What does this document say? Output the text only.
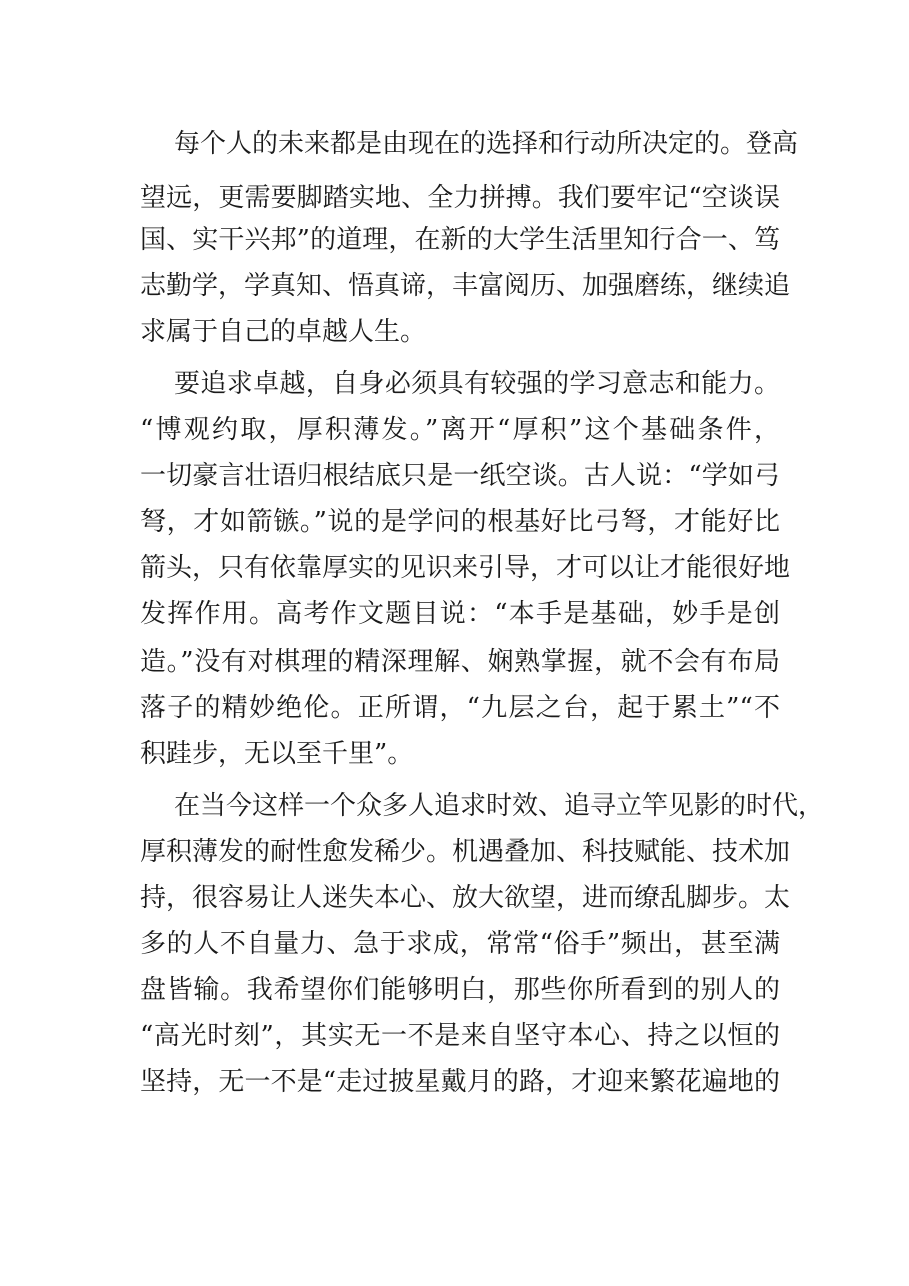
每个人的未来都是由现在的选择和行动所决定的。登高
望远，更需要脚踏实地、全力拼搏。我们要牢记“空谈误
国、实干兴邦”的道理，在新的大学生活里知行合一、笃
志勤学，学真知、悟真谛，丰富阅历、加强磨练，继续追
求属于自己的卓越人生。
要追求卓越，自身必须具有较强的学习意志和能力。
“博观约取，厚积薄发。”离开“厚积”这个基础条件，
一切豪言壮语归根结底只是一纸空谈。古人说：“学如弓
弩，才如箭镞。”说的是学问的根基好比弓弩，才能好比
箭头，只有依靠厚实的见识来引导，才可以让才能很好地
发挥作用。高考作文题目说：“本手是基础，妙手是创
造。”没有对棋理的精深理解、娴熟掌握，就不会有布局
落子的精妙绝伦。正所谓，“九层之台，起于累土”“不
积跬步，无以至千里”。
在当今这样一个众多人追求时效、追寻立竿见影的时代，
厚积薄发的耐性愈发稀少。机遇叠加、科技赋能、技术加
持，很容易让人迷失本心、放大欲望，进而缭乱脚步。太
多的人不自量力、急于求成，常常“俗手”频出，甚至满
盘皆输。我希望你们能够明白，那些你所看到的别人的
“高光时刻”，其实无一不是来自坚守本心、持之以恒的
坚持，无一不是“走过披星戴月的路，才迎来繁花遍地的
